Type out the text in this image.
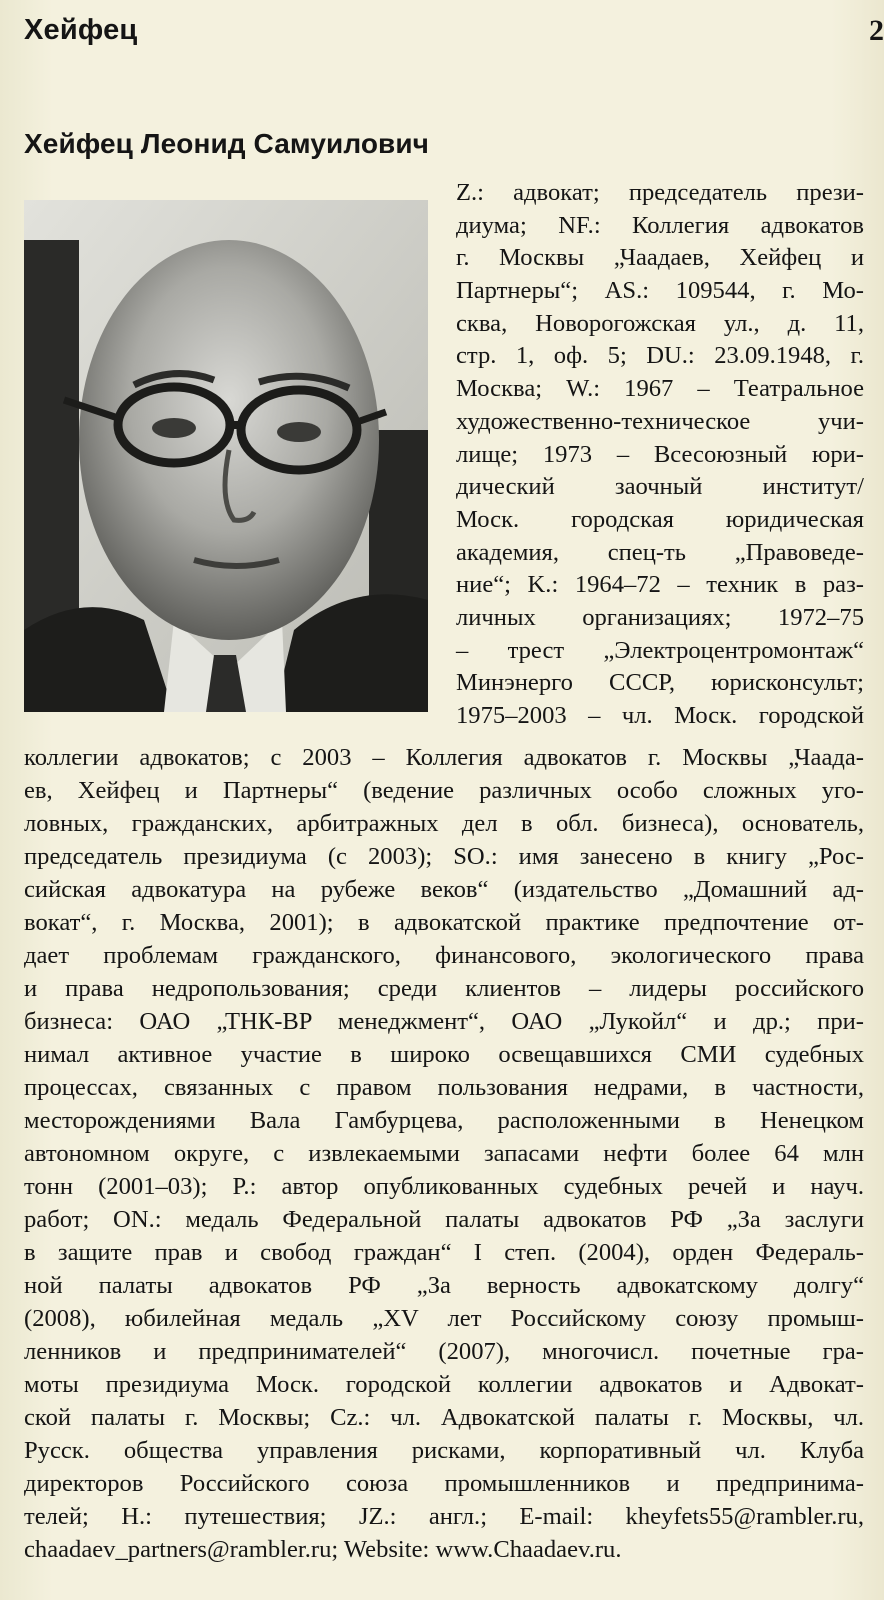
Хейфец	2
Хейфец Леонид Самуилович
Z.: адвокат; председатель прези-
диума; NF.: Коллегия адвокатов
г. Москвы „Чаадаев, Хейфец и
Партнеры“; AS.: 109544, г. Мо-
сква, Новорогожская ул., д. 11,
стр. 1, оф. 5; DU.: 23.09.1948, г.
Москва; W.: 1967 – Театральное
художественно-техническое учи-
лище; 1973 – Всесоюзный юри-
дический заочный институт/
Моск. городская юридическая
академия, спец-ть „Правоведе-
ние“; K.: 1964–72 – техник в раз-
личных организациях; 1972–75
– трест „Электроцентромонтаж“
Минэнерго СССР, юрисконсульт;
1975–2003 – чл. Моск. городской
коллегии адвокатов; с 2003 – Коллегия адвокатов г. Москвы „Чаада-
ев, Хейфец и Партнеры“ (ведение различных особо сложных уго-
ловных, гражданских, арбитражных дел в обл. бизнеса), основатель,
председатель президиума (с 2003); SO.: имя занесено в книгу „Рос-
сийская адвокатура на рубеже веков“ (издательство „Домашний ад-
вокат“, г. Москва, 2001); в адвокатской практике предпочтение от-
дает проблемам гражданского, финансового, экологического права
и права недропользования; среди клиентов – лидеры российского
бизнеса: ОАО „ТНК-BP менеджмент“, ОАО „Лукойл“ и др.; при-
нимал активное участие в широко освещавшихся СМИ судебных
процессах, связанных с правом пользования недрами, в частности,
месторождениями Вала Гамбурцева, расположенными в Ненецком
автономном округе, с извлекаемыми запасами нефти более 64 млн
тонн (2001–03); P.: автор опубликованных судебных речей и науч.
работ; ON.: медаль Федеральной палаты адвокатов РФ „За заслуги
в защите прав и свобод граждан“ I степ. (2004), орден Федераль-
ной палаты адвокатов РФ „За верность адвокатскому долгу“
(2008), юбилейная медаль „XV лет Российскому союзу промыш-
ленников и предпринимателей“ (2007), многочисл. почетные гра-
моты президиума Моск. городской коллегии адвокатов и Адвокат-
ской палаты г. Москвы; Cz.: чл. Адвокатской палаты г. Москвы, чл.
Русск. общества управления рисками, корпоративный чл. Клуба
директоров Российского союза промышленников и предпринима-
телей; H.: путешествия; JZ.: англ.; E-mail: kheyfets55@rambler.ru,
chaadaev_partners@rambler.ru; Website: www.Chaadaev.ru.
